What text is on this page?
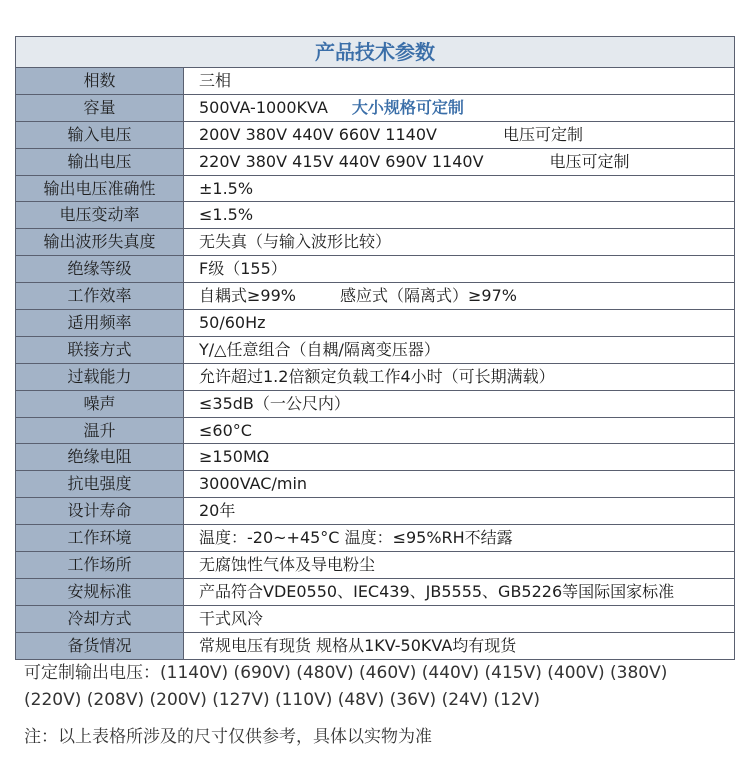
产品技术参数
相数	三相
容量	500VA-1000KVA 大小规格可定制
输入电压	200V 380V 440V 660V 1140V	电压可定制
输出电压	220V 380V 415V 440V 690V 1140V	电压可定制
输出电压准确性	±1.5%
电压变动率	≤1.5%
输出波形失真度	无失真（与输入波形比较）
绝缘等级	F级（155）
工作效率	自耦式≥99%	感应式（隔离式）≥97%
适用频率	50/60Hz
联接方式	Y/△任意组合（自耦/隔离变压器）
过载能力	允许超过1.2倍额定负载工作4小时（可长期满载）
噪声	≤35dB（一公尺内）
温升	≤60°C
绝缘电阻	≥150MΩ
抗电强度	3000VAC/min
设计寿命	20年
工作环境	温度：-20~+45°C 温度：≤95%RH不结露
工作场所	无腐蚀性气体及导电粉尘
安规标准	产品符合VDE0550、IEC439、JB5555、GB5226等国际国家标准
冷却方式	干式风冷
备货情况	常规电压有现货 规格从1KV-50KVA均有现货
可定制输出电压：(1140V) (690V) (480V) (460V) (440V) (415V) (400V) (380V)
(220V) (208V) (200V) (127V) (110V) (48V) (36V) (24V) (12V)
注：以上表格所涉及的尺寸仅供参考，具体以实物为准
